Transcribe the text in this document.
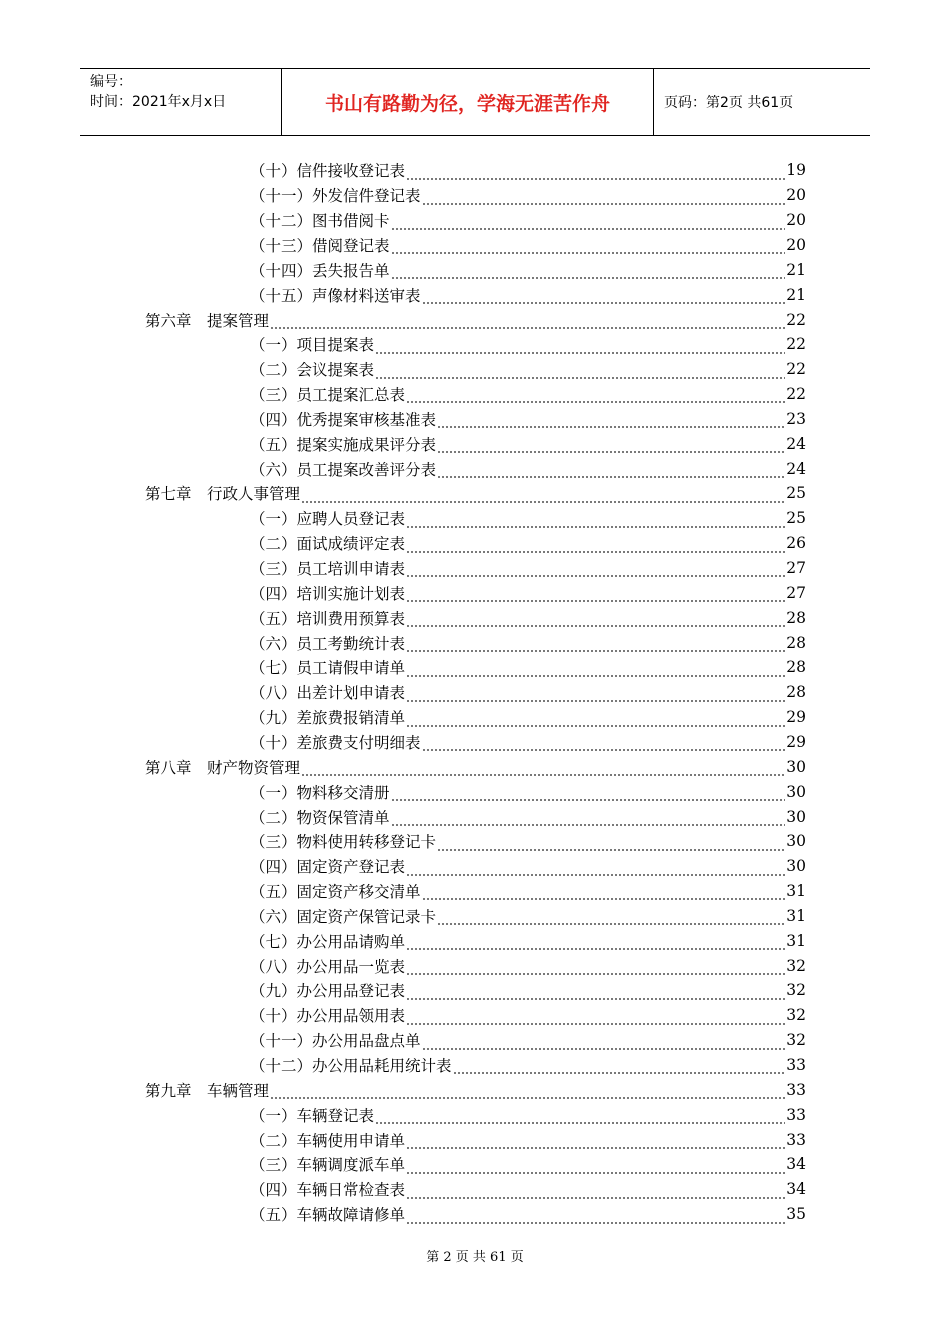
编号：
时间：2021年x月x日	书山有路勤为径，学海无涯苦作舟	页码：第2页 共61页
（十）信件接收登记表	19
（十一）外发信件登记表	20
（十二）图书借阅卡	20
（十三）借阅登记表	20
（十四）丢失报告单	21
（十五）声像材料送审表	21
第六章　提案管理	22
（一）项目提案表	22
（二）会议提案表	22
（三）员工提案汇总表	22
（四）优秀提案审核基准表	23
（五）提案实施成果评分表	24
（六）员工提案改善评分表	24
第七章　行政人事管理	25
（一）应聘人员登记表	25
（二）面试成绩评定表	26
（三）员工培训申请表	27
（四）培训实施计划表	27
（五）培训费用预算表	28
（六）员工考勤统计表	28
（七）员工请假申请单	28
（八）出差计划申请表	28
（九）差旅费报销清单	29
（十）差旅费支付明细表	29
第八章　财产物资管理	30
（一）物料移交清册	30
（二）物资保管清单	30
（三）物料使用转移登记卡	30
（四）固定资产登记表	30
（五）固定资产移交清单	31
（六）固定资产保管记录卡	31
（七）办公用品请购单	31
（八）办公用品一览表	32
（九）办公用品登记表	32
（十）办公用品领用表	32
（十一）办公用品盘点单	32
（十二）办公用品耗用统计表	33
第九章　车辆管理	33
（一）车辆登记表	33
（二）车辆使用申请单	33
（三）车辆调度派车单	34
（四）车辆日常检查表	34
（五）车辆故障请修单	35
第 2 页 共 61 页
